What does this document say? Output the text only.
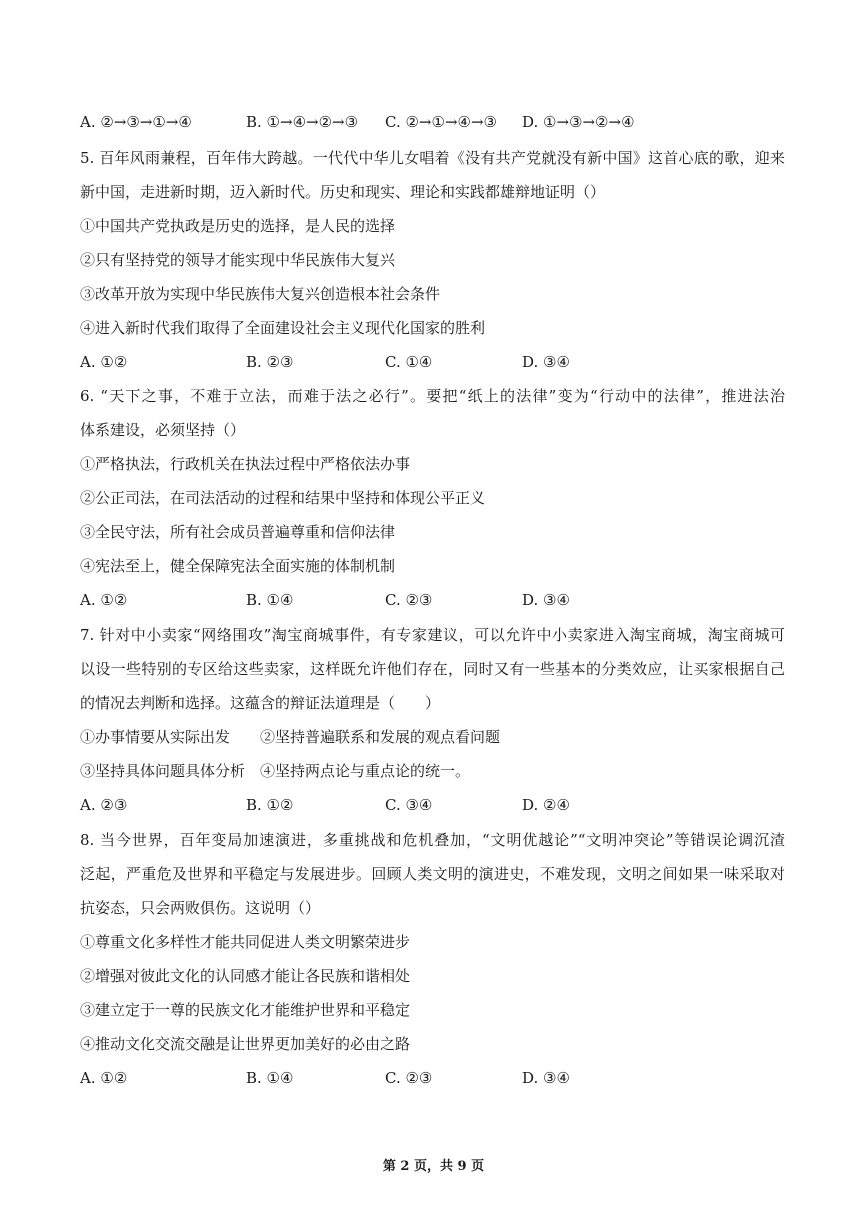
A. ②→③→①→④	B. ①→④→②→③ C. ②→①→④→③ D. ①→③→②→④
5. 百年风雨兼程，百年伟大跨越。一代代中华儿女唱着《没有共产党就没有新中国》这首心底的歌，迎来
新中国，走进新时期，迈入新时代。历史和现实、理论和实践都雄辩地证明（）
①中国共产党执政是历史的选择，是人民的选择
②只有坚持党的领导才能实现中华民族伟大复兴
③改革开放为实现中华民族伟大复兴创造根本社会条件
④进入新时代我们取得了全面建设社会主义现代化国家的胜利
A. ①②	B. ②③	C. ①④	D. ③④
6. “天下之事，不难于立法，而难于法之必行”。要把“纸上的法律”变为“行动中的法律”，推进法治
体系建设，必须坚持（）
①严格执法，行政机关在执法过程中严格依法办事
②公正司法，在司法活动的过程和结果中坚持和体现公平正义
③全民守法，所有社会成员普遍尊重和信仰法律
④宪法至上，健全保障宪法全面实施的体制机制
A. ①②	B. ①④	C. ②③	D. ③④
7. 针对中小卖家“网络围攻”淘宝商城事件，有专家建议，可以允许中小卖家进入淘宝商城，淘宝商城可
以设一些特别的专区给这些卖家，这样既允许他们存在，同时又有一些基本的分类效应，让买家根据自己
的情况去判断和选择。这蕴含的辩证法道理是（　　）
①办事情要从实际出发　　②坚持普遍联系和发展的观点看问题
③坚持具体问题具体分析　④坚持两点论与重点论的统一。
A. ②③	B. ①②	C. ③④	D. ②④
8. 当今世界，百年变局加速演进，多重挑战和危机叠加，“文明优越论”“文明冲突论”等错误论调沉渣
泛起，严重危及世界和平稳定与发展进步。回顾人类文明的演进史，不难发现，文明之间如果一味采取对
抗姿态，只会两败俱伤。这说明（）
①尊重文化多样性才能共同促进人类文明繁荣进步
②增强对彼此文化的认同感才能让各民族和谐相处
③建立定于一尊的民族文化才能维护世界和平稳定
④推动文化交流交融是让世界更加美好的必由之路
A. ①②	B. ①④	C. ②③	D. ③④
第 2 页，共 9 页
